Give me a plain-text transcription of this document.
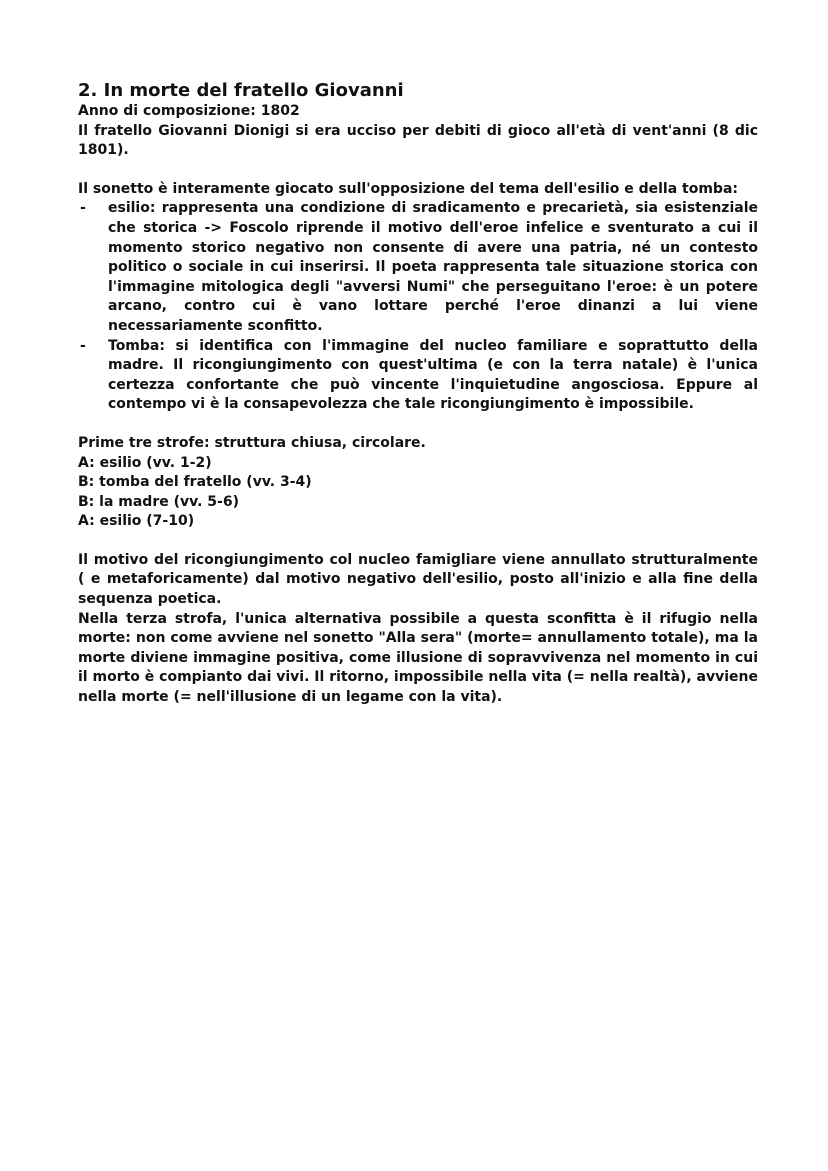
2. In morte del fratello Giovanni

Anno di composizione: 1802

Il fratello Giovanni Dionigi si era ucciso per debiti di gioco all'età di vent'anni (8 dic 1801).

Il sonetto è interamente giocato sull'opposizione del tema dell'esilio e della tomba:

- esilio: rappresenta una condizione di sradicamento e precarietà, sia esistenziale che storica -> Foscolo riprende il motivo dell'eroe infelice e sventurato a cui il momento storico negativo non consente di avere una patria, né un contesto politico o sociale in cui inserirsi. Il poeta rappresenta tale situazione storica con l'immagine mitologica degli "avversi Numi" che perseguitano l'eroe: è un potere arcano, contro cui è vano lottare perché l'eroe dinanzi a lui viene necessariamente sconfitto.
- Tomba: si identifica con l'immagine del nucleo familiare e soprattutto della madre. Il ricongiungimento con quest'ultima (e con la terra natale) è l'unica certezza confortante che può vincente l'inquietudine angosciosa. Eppure al contempo vi è la consapevolezza che tale ricongiungimento è impossibile.

Prime tre strofe: struttura chiusa, circolare.

A: esilio (vv. 1-2)

B: tomba del fratello (vv. 3-4)

B: la madre (vv. 5-6)

A: esilio (7-10)

Il motivo del ricongiungimento col nucleo famigliare viene annullato strutturalmente ( e metaforicamente) dal motivo negativo dell'esilio, posto all'inizio e alla fine della sequenza poetica.

Nella terza strofa, l'unica alternativa possibile a questa sconfitta è il rifugio nella morte: non come avviene nel sonetto "Alla sera" (morte= annullamento totale), ma la morte diviene immagine positiva, come illusione di sopravvivenza nel momento in cui il morto è compianto dai vivi. Il ritorno, impossibile nella vita (= nella realtà), avviene nella morte (= nell'illusione di un legame con la vita).
